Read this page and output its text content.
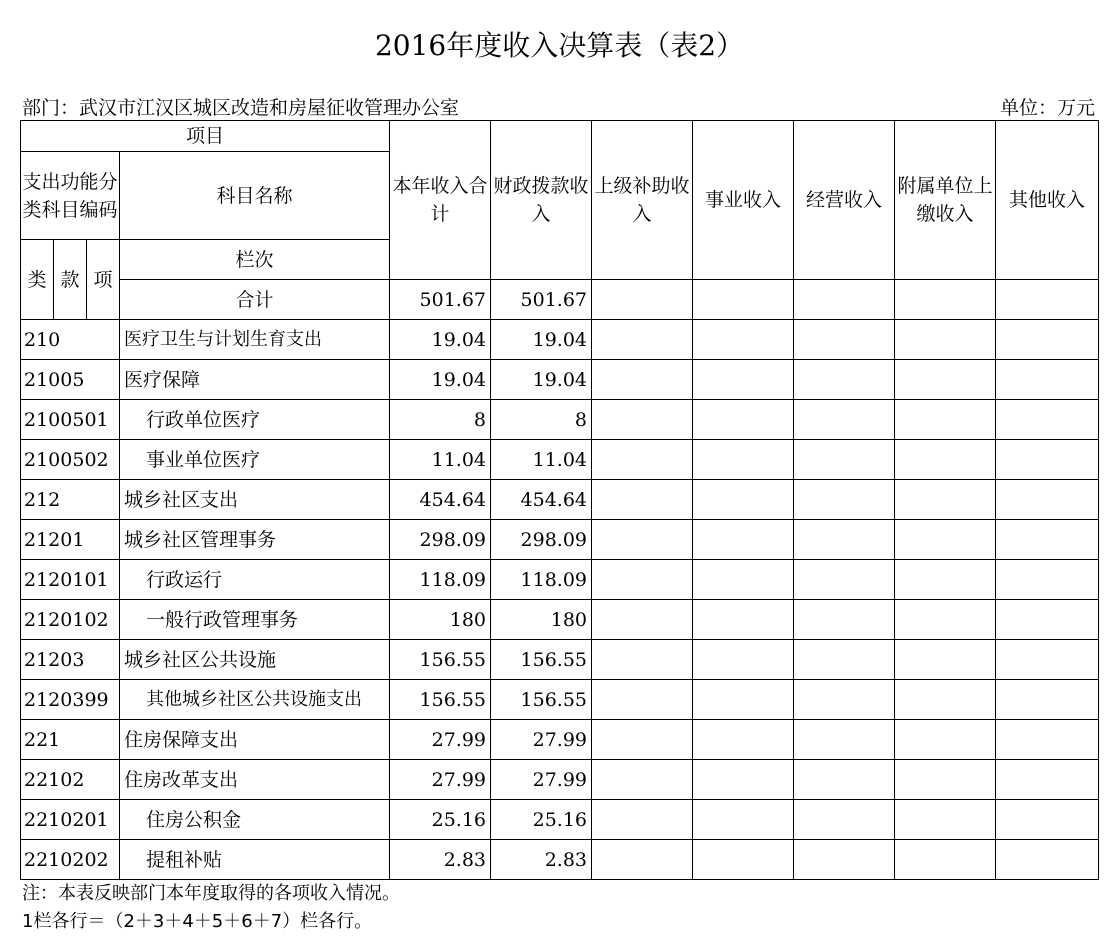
2016年度收入决算表（表2）
部门：武汉市江汉区城区改造和房屋征收管理办公室	单位：万元
项目				本年收入合计	财政拨款收入	上级补助收入	事业收入	经营收入	附属单位上缴收入	其他收入	
支出功能分类科目编码			科目名称								
类	款	项	栏次							
			合计	501.67	501.67						
210			医疗卫生与计划生育支出	19.04	19.04						
21005			医疗保障	19.04	19.04						
2100501			行政单位医疗	8	8						
2100502			事业单位医疗	11.04	11.04						
212			城乡社区支出	454.64	454.64						
21201			城乡社区管理事务	298.09	298.09						
2120101			行政运行	118.09	118.09						
2120102			一般行政管理事务	180	180						
21203			城乡社区公共设施	156.55	156.55						
2120399			其他城乡社区公共设施支出	156.55	156.55						
221			住房保障支出	27.99	27.99						
22102			住房改革支出	27.99	27.99						
2210201			住房公积金	25.16	25.16						
2210202			提租补贴	2.83	2.83						
注：本表反映部门本年度取得的各项收入情况。
1栏各行＝（2＋3＋4＋5＋6＋7）栏各行。
